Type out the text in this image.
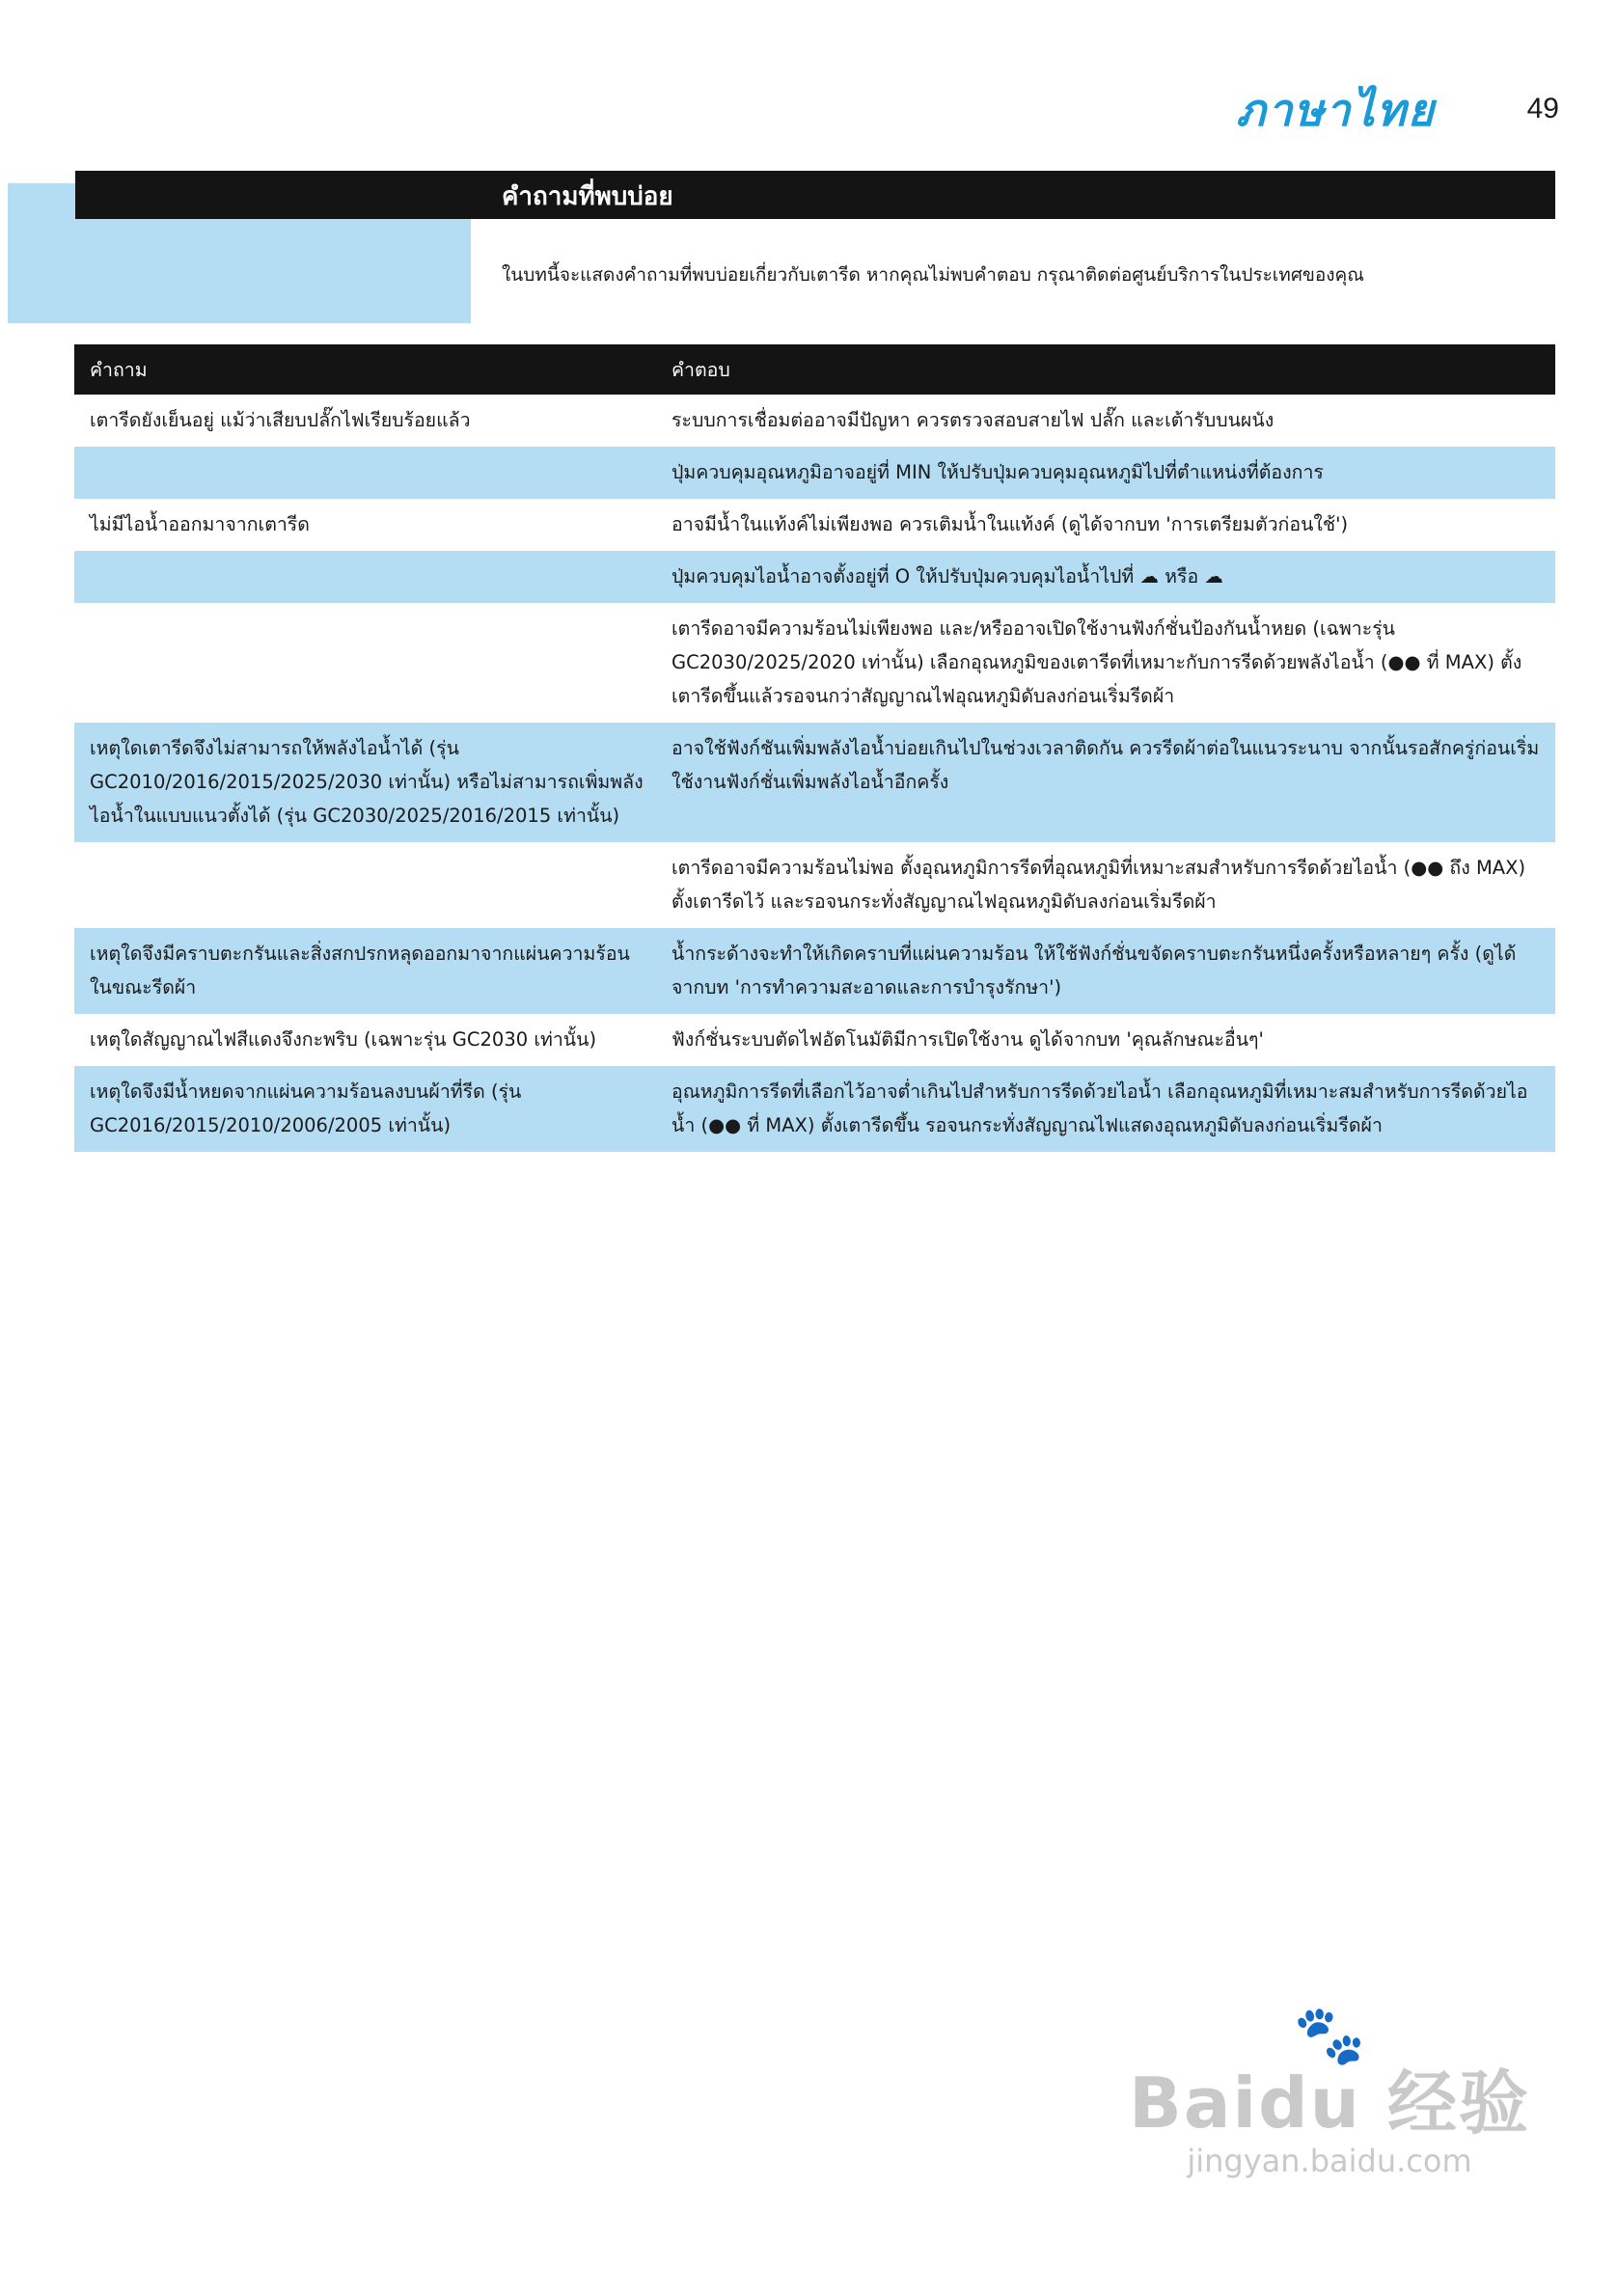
ภาษาไทย	49
คำถามที่พบบ่อย
ในบทนี้จะแสดงคำถามที่พบบ่อยเกี่ยวกับเตารีด หากคุณไม่พบคำตอบ กรุณาติดต่อศูนย์บริการในประเทศของคุณ
คำถาม	คำตอบ
เตารีดยังเย็นอยู่ แม้ว่าเสียบปลั๊กไฟเรียบร้อยแล้ว	ระบบการเชื่อมต่ออาจมีปัญหา ควรตรวจสอบสายไฟ ปลั๊ก และเต้ารับบนผนัง
	ปุ่มควบคุมอุณหภูมิอาจอยู่ที่ MIN ให้ปรับปุ่มควบคุมอุณหภูมิไปที่ตำแหน่งที่ต้องการ
ไม่มีไอน้ำออกมาจากเตารีด	อาจมีน้ำในแท้งค์ไม่เพียงพอ ควรเติมน้ำในแท้งค์ (ดูได้จากบท 'การเตรียมตัวก่อนใช้')
	ปุ่มควบคุมไอน้ำอาจตั้งอยู่ที่ O ให้ปรับปุ่มควบคุมไอน้ำไปที่ ☁ หรือ ☁
	เตารีดอาจมีความร้อนไม่เพียงพอ และ/หรืออาจเปิดใช้งานฟังก์ชั่นป้องกันน้ำหยด (เฉพาะรุ่น GC2030/2025/2020 เท่านั้น) เลือกอุณหภูมิของเตารีดที่เหมาะกับการรีดด้วยพลังไอน้ำ (●● ที่ MAX) ตั้งเตารีดขึ้นแล้วรอจนกว่าสัญญาณไฟอุณหภูมิดับลงก่อนเริ่มรีดผ้า
เหตุใดเตารีดจึงไม่สามารถให้พลังไอน้ำได้ (รุ่น GC2010/2016/2015/2025/2030 เท่านั้น) หรือไม่สามารถเพิ่มพลังไอน้ำในแบบแนวตั้งได้ (รุ่น GC2030/2025/2016/2015 เท่านั้น)	อาจใช้ฟังก์ชันเพิ่มพลังไอน้ำบ่อยเกินไปในช่วงเวลาติดกัน ควรรีดผ้าต่อในแนวระนาบ จากนั้นรอสักครู่ก่อนเริ่มใช้งานฟังก์ชั่นเพิ่มพลังไอน้ำอีกครั้ง
	เตารีดอาจมีความร้อนไม่พอ ตั้งอุณหภูมิการรีดที่อุณหภูมิที่เหมาะสมสำหรับการรีดด้วยไอน้ำ (●● ถึง MAX) ตั้งเตารีดไว้ และรอจนกระทั่งสัญญาณไฟอุณหภูมิดับลงก่อนเริ่มรีดผ้า
เหตุใดจึงมีคราบตะกรันและสิ่งสกปรกหลุดออกมาจากแผ่นความร้อนในขณะรีดผ้า	น้ำกระด้างจะทำให้เกิดคราบที่แผ่นความร้อน ให้ใช้ฟังก์ชั่นขจัดคราบตะกรันหนึ่งครั้งหรือหลายๆ ครั้ง (ดูได้จากบท 'การทำความสะอาดและการบำรุงรักษา')
เหตุใดสัญญาณไฟสีแดงจึงกะพริบ (เฉพาะรุ่น GC2030 เท่านั้น)	ฟังก์ชั่นระบบตัดไฟอัตโนมัติมีการเปิดใช้งาน ดูได้จากบท 'คุณลักษณะอื่นๆ'
เหตุใดจึงมีน้ำหยดจากแผ่นความร้อนลงบนผ้าที่รีด (รุ่น GC2016/2015/2010/2006/2005 เท่านั้น)	อุณหภูมิการรีดที่เลือกไว้อาจต่ำเกินไปสำหรับการรีดด้วยไอน้ำ เลือกอุณหภูมิที่เหมาะสมสำหรับการรีดด้วยไอน้ำ (●● ที่ MAX) ตั้งเตารีดขึ้น รอจนกระทั่งสัญญาณไฟแสดงอุณหภูมิดับลงก่อนเริ่มรีดผ้า
🐾
Baidu 经验
jingyan.baidu.com
